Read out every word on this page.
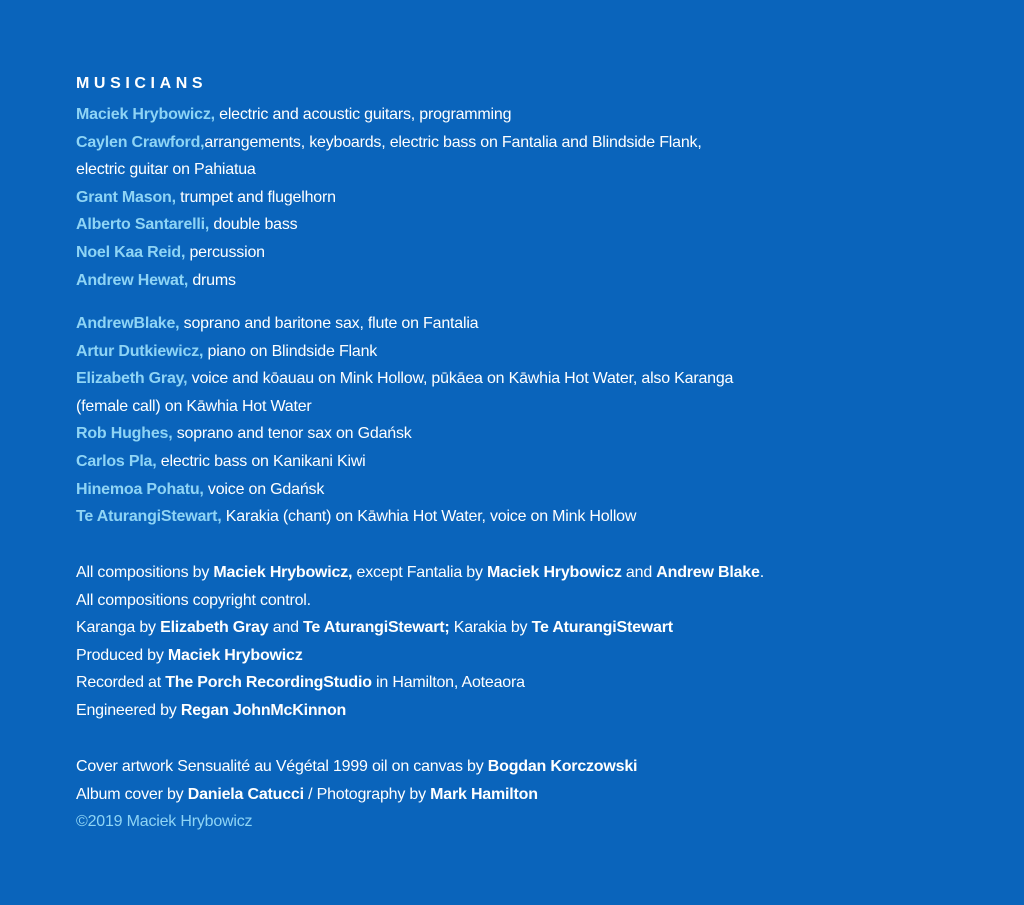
MUSICIANS
Maciek Hrybowicz, electric and acoustic guitars, programming
Caylen Crawford,arrangements, keyboards, electric bass on Fantalia and Blindside Flank,
electric guitar on Pahiatua
Grant Mason, trumpet and flugelhorn
Alberto Santarelli, double bass
Noel Kaa Reid, percussion
Andrew Hewat, drums
AndrewBlake, soprano and baritone sax, flute on Fantalia
Artur Dutkiewicz, piano on Blindside Flank
Elizabeth Gray, voice and kōauau on Mink Hollow, pūkāea on Kāwhia Hot Water, also Karanga
(female call) on Kāwhia Hot Water
Rob Hughes, soprano and tenor sax on Gdańsk
Carlos Pla, electric bass on Kanikani Kiwi
Hinemoa Pohatu, voice on Gdańsk
Te AturangiStewart, Karakia (chant) on Kāwhia Hot Water, voice on Mink Hollow
All compositions by Maciek Hrybowicz, except Fantalia by Maciek Hrybowicz and Andrew Blake.
All compositions copyright control.
Karanga by Elizabeth Gray and Te AturangiStewart; Karakia by Te AturangiStewart
Produced by Maciek Hrybowicz
Recorded at The Porch RecordingStudio in Hamilton, Aoteaora
Engineered by Regan JohnMcKinnon
Cover artwork Sensualité au Végétal 1999 oil on canvas by Bogdan Korczowski
Album cover by Daniela Catucci / Photography by Mark Hamilton
©2019 Maciek Hrybowicz
